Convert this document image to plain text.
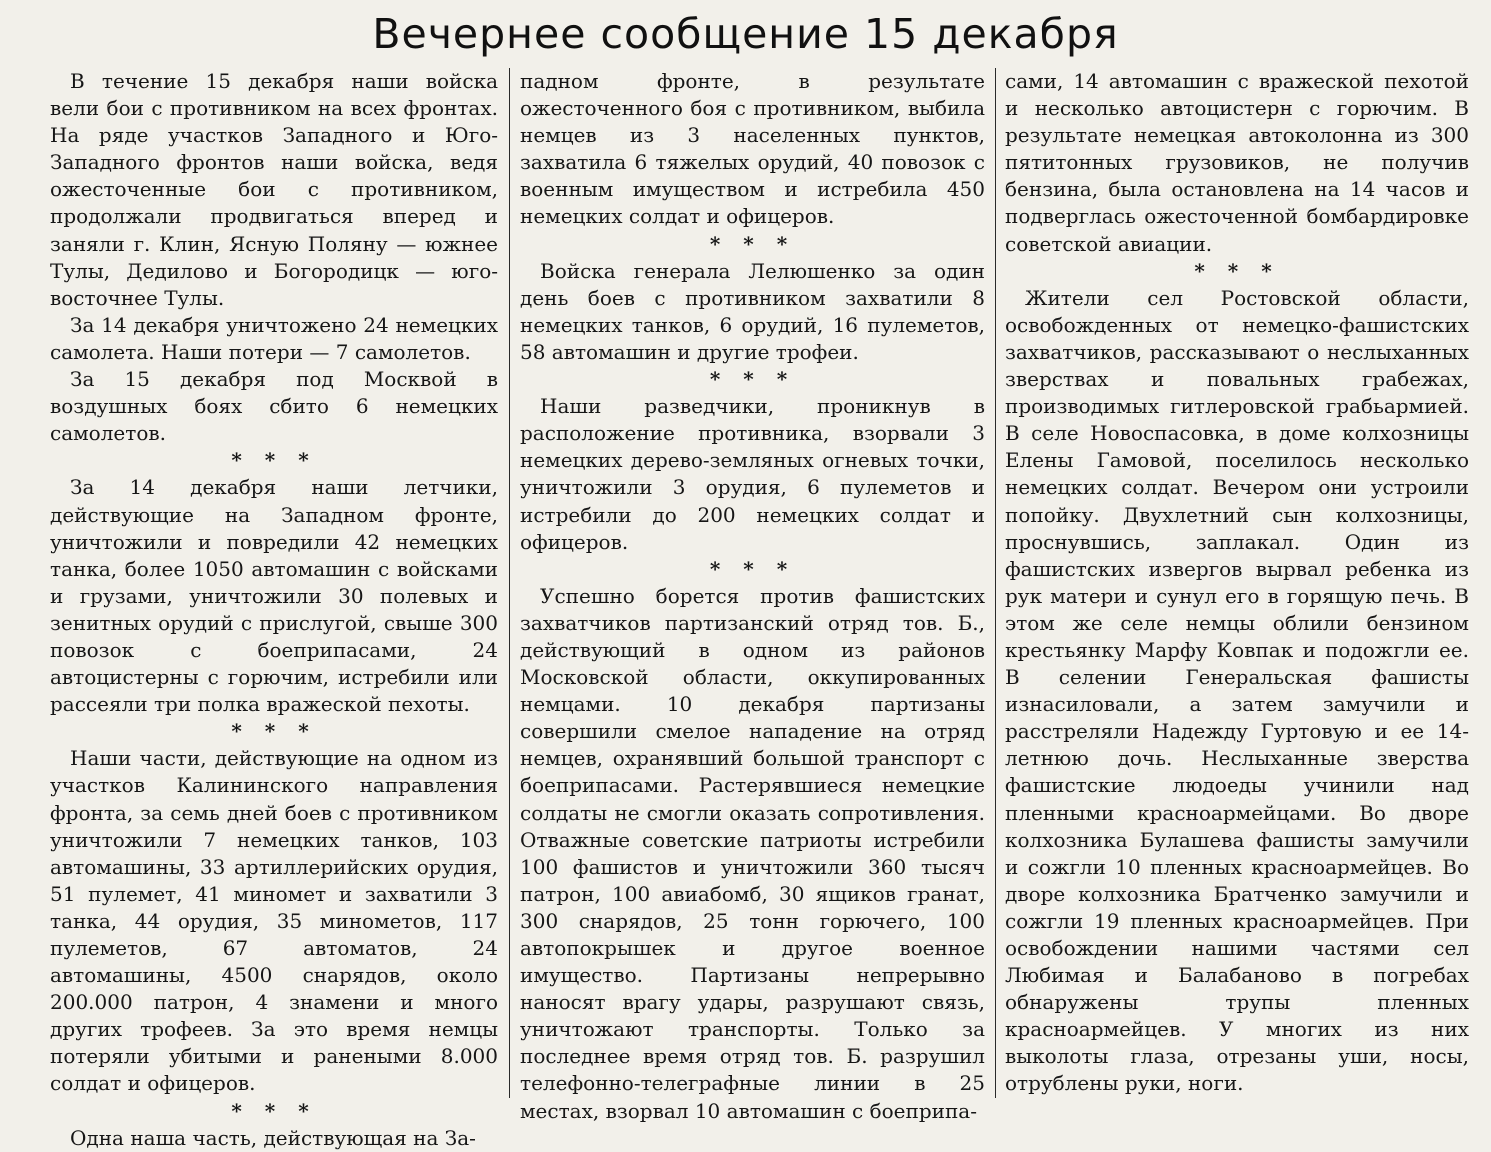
Вечернее сообщение 15 декабря

В течение 15 декабря наши войска вели бои с противником на всех фронтах. На ряде участков Западного и Юго-Западного фронтов наши войска, ведя ожесточенные бои с противником, продолжали продвигаться вперед и заняли г. Клин, Ясную Поляну — южнее Тулы, Дедилово и Богородицк — юго-восточнее Тулы.

За 14 декабря уничтожено 24 немецких самолета. Наши потери — 7 самолетов.

За 15 декабря под Москвой в воздушных боях сбито 6 немецких самолетов.

* * *

За 14 декабря наши летчики, действующие на Западном фронте, уничтожили и повредили 42 немецких танка, более 1050 автомашин с войсками и грузами, уничтожили 30 полевых и зенитных орудий с прислугой, свыше 300 повозок с боеприпасами, 24 автоцистерны с горючим, истребили или рассеяли три полка вражеской пехоты.

* * *

Наши части, действующие на одном из участков Калининского направления фронта, за семь дней боев с противником уничтожили 7 немецких танков, 103 автомашины, 33 артиллерийских орудия, 51 пулемет, 41 миномет и захватили 3 танка, 44 орудия, 35 минометов, 117 пулеметов, 67 автоматов, 24 автомашины, 4500 снарядов, около 200.000 патрон, 4 знамени и много других трофеев. За это время немцы потеряли убитыми и ранеными 8.000 солдат и офицеров.

* * *

Одна наша часть, действующая на За-

падном фронте, в результате ожесточенного боя с противником, выбила немцев из 3 населенных пунктов, захватила 6 тяжелых орудий, 40 повозок с военным имуществом и истребила 450 немецких солдат и офицеров.

* * *

Войска генерала Лелюшенко за один день боев с противником захватили 8 немецких танков, 6 орудий, 16 пулеметов, 58 автомашин и другие трофеи.

* * *

Наши разведчики, проникнув в расположение противника, взорвали 3 немецких дерево-земляных огневых точки, уничтожили 3 орудия, 6 пулеметов и истребили до 200 немецких солдат и офицеров.

* * *

Успешно борется против фашистских захватчиков партизанский отряд тов. Б., действующий в одном из районов Московской области, оккупированных немцами. 10 декабря партизаны совершили смелое нападение на отряд немцев, охранявший большой транспорт с боеприпасами. Растерявшиеся немецкие солдаты не смогли оказать сопротивления. Отважные советские патриоты истребили 100 фашистов и уничтожили 360 тысяч патрон, 100 авиабомб, 30 ящиков гранат, 300 снарядов, 25 тонн горючего, 100 автопокрышек и другое военное имущество. Партизаны непрерывно наносят врагу удары, разрушают связь, уничтожают транспорты. Только за последнее время отряд тов. Б. разрушил телефонно-телеграфные линии в 25 местах, взорвал 10 автомашин с боеприпа-

сами, 14 автомашин с вражеской пехотой и несколько автоцистерн с горючим. В результате немецкая автоколонна из 300 пятитонных грузовиков, не получив бензина, была остановлена на 14 часов и подверглась ожесточенной бомбардировке советской авиации.

* * *

Жители сел Ростовской области, освобожденных от немецко-фашистских захватчиков, рассказывают о неслыханных зверствах и повальных грабежах, производимых гитлеровской грабьармией. В селе Новоспасовка, в доме колхозницы Елены Гамовой, поселилось несколько немецких солдат. Вечером они устроили попойку. Двухлетний сын колхозницы, проснувшись, заплакал. Один из фашистских извергов вырвал ребенка из рук матери и сунул его в горящую печь. В этом же селе немцы облили бензином крестьянку Марфу Ковпак и подожгли ее. В селении Генеральская фашисты изнасиловали, а затем замучили и расстреляли Надежду Гуртовую и ее 14-летнюю дочь. Неслыханные зверства фашистские людоеды учинили над пленными красноармейцами. Во дворе колхозника Булашева фашисты замучили и сожгли 10 пленных красноармейцев. Во дворе колхозника Братченко замучили и сожгли 19 пленных красноармейцев. При освобождении нашими частями сел Любимая и Балабаново в погребах обнаружены трупы пленных красноармейцев. У многих из них выколоты глаза, отрезаны уши, носы, отрублены руки, ноги.
